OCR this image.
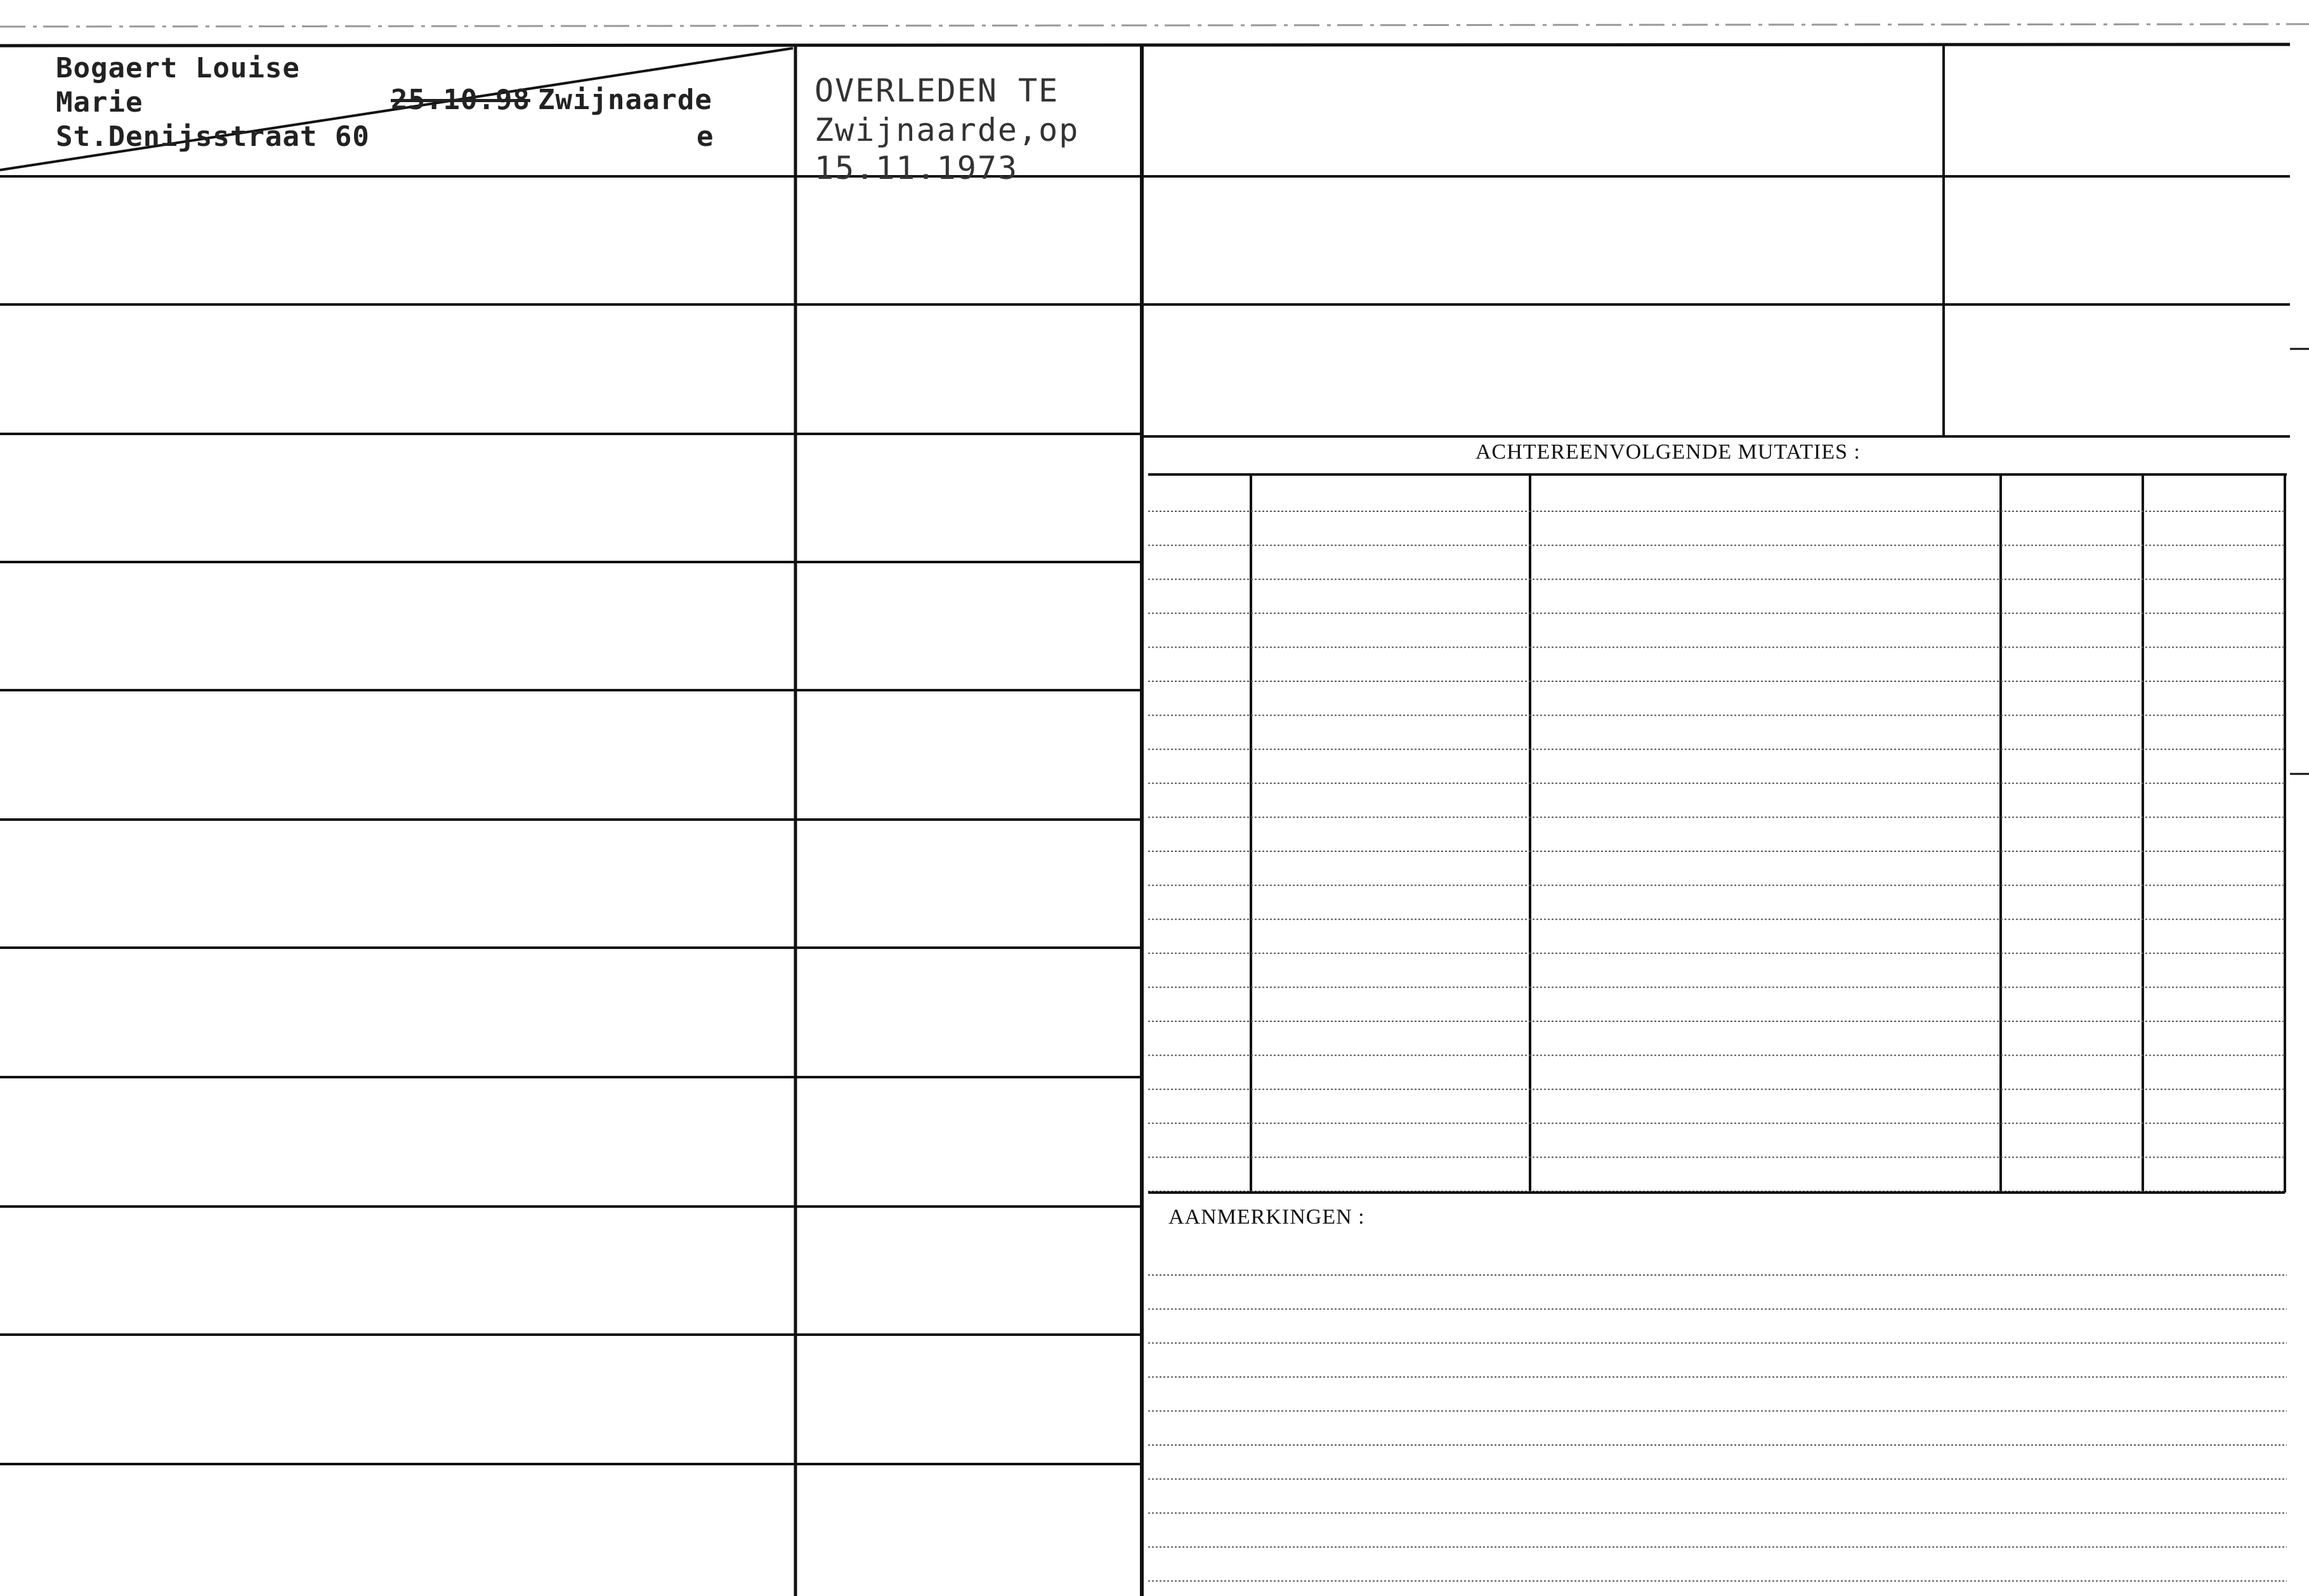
Bogaert Louise
Marie	25.10.98 Zwijnaarde
St.Denijsstraat 60	e
OVERLEDEN TE
Zwijnaarde,op
15.11.1973
ACHTEREENVOLGENDE MUTATIES :
AANMERKINGEN :
